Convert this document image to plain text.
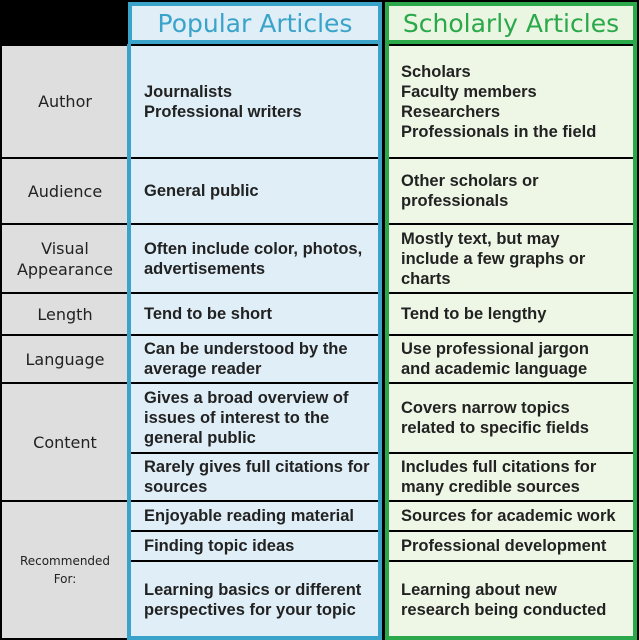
Popular Articles Scholarly Articles
Author
Audience
Visual
Appearance
Length
Language
Content
Recommended
For:
Journalists
Professional writers
General public
Often include color, photos,
advertisements
Tend to be short
Can be understood by the
average reader
Gives a broad overview of
issues of interest to the
general public
Rarely gives full citations for
sources
Enjoyable reading material
Finding topic ideas
Learning basics or different
perspectives for your topic
Scholars
Faculty members
Researchers
Professionals in the field
Other scholars or
professionals
Mostly text, but may
include a few graphs or
charts
Tend to be lengthy
Use professional jargon
and academic language
Covers narrow topics
related to specific fields
Includes full citations for
many credible sources
Sources for academic work
Professional development
Learning about new
research being conducted
